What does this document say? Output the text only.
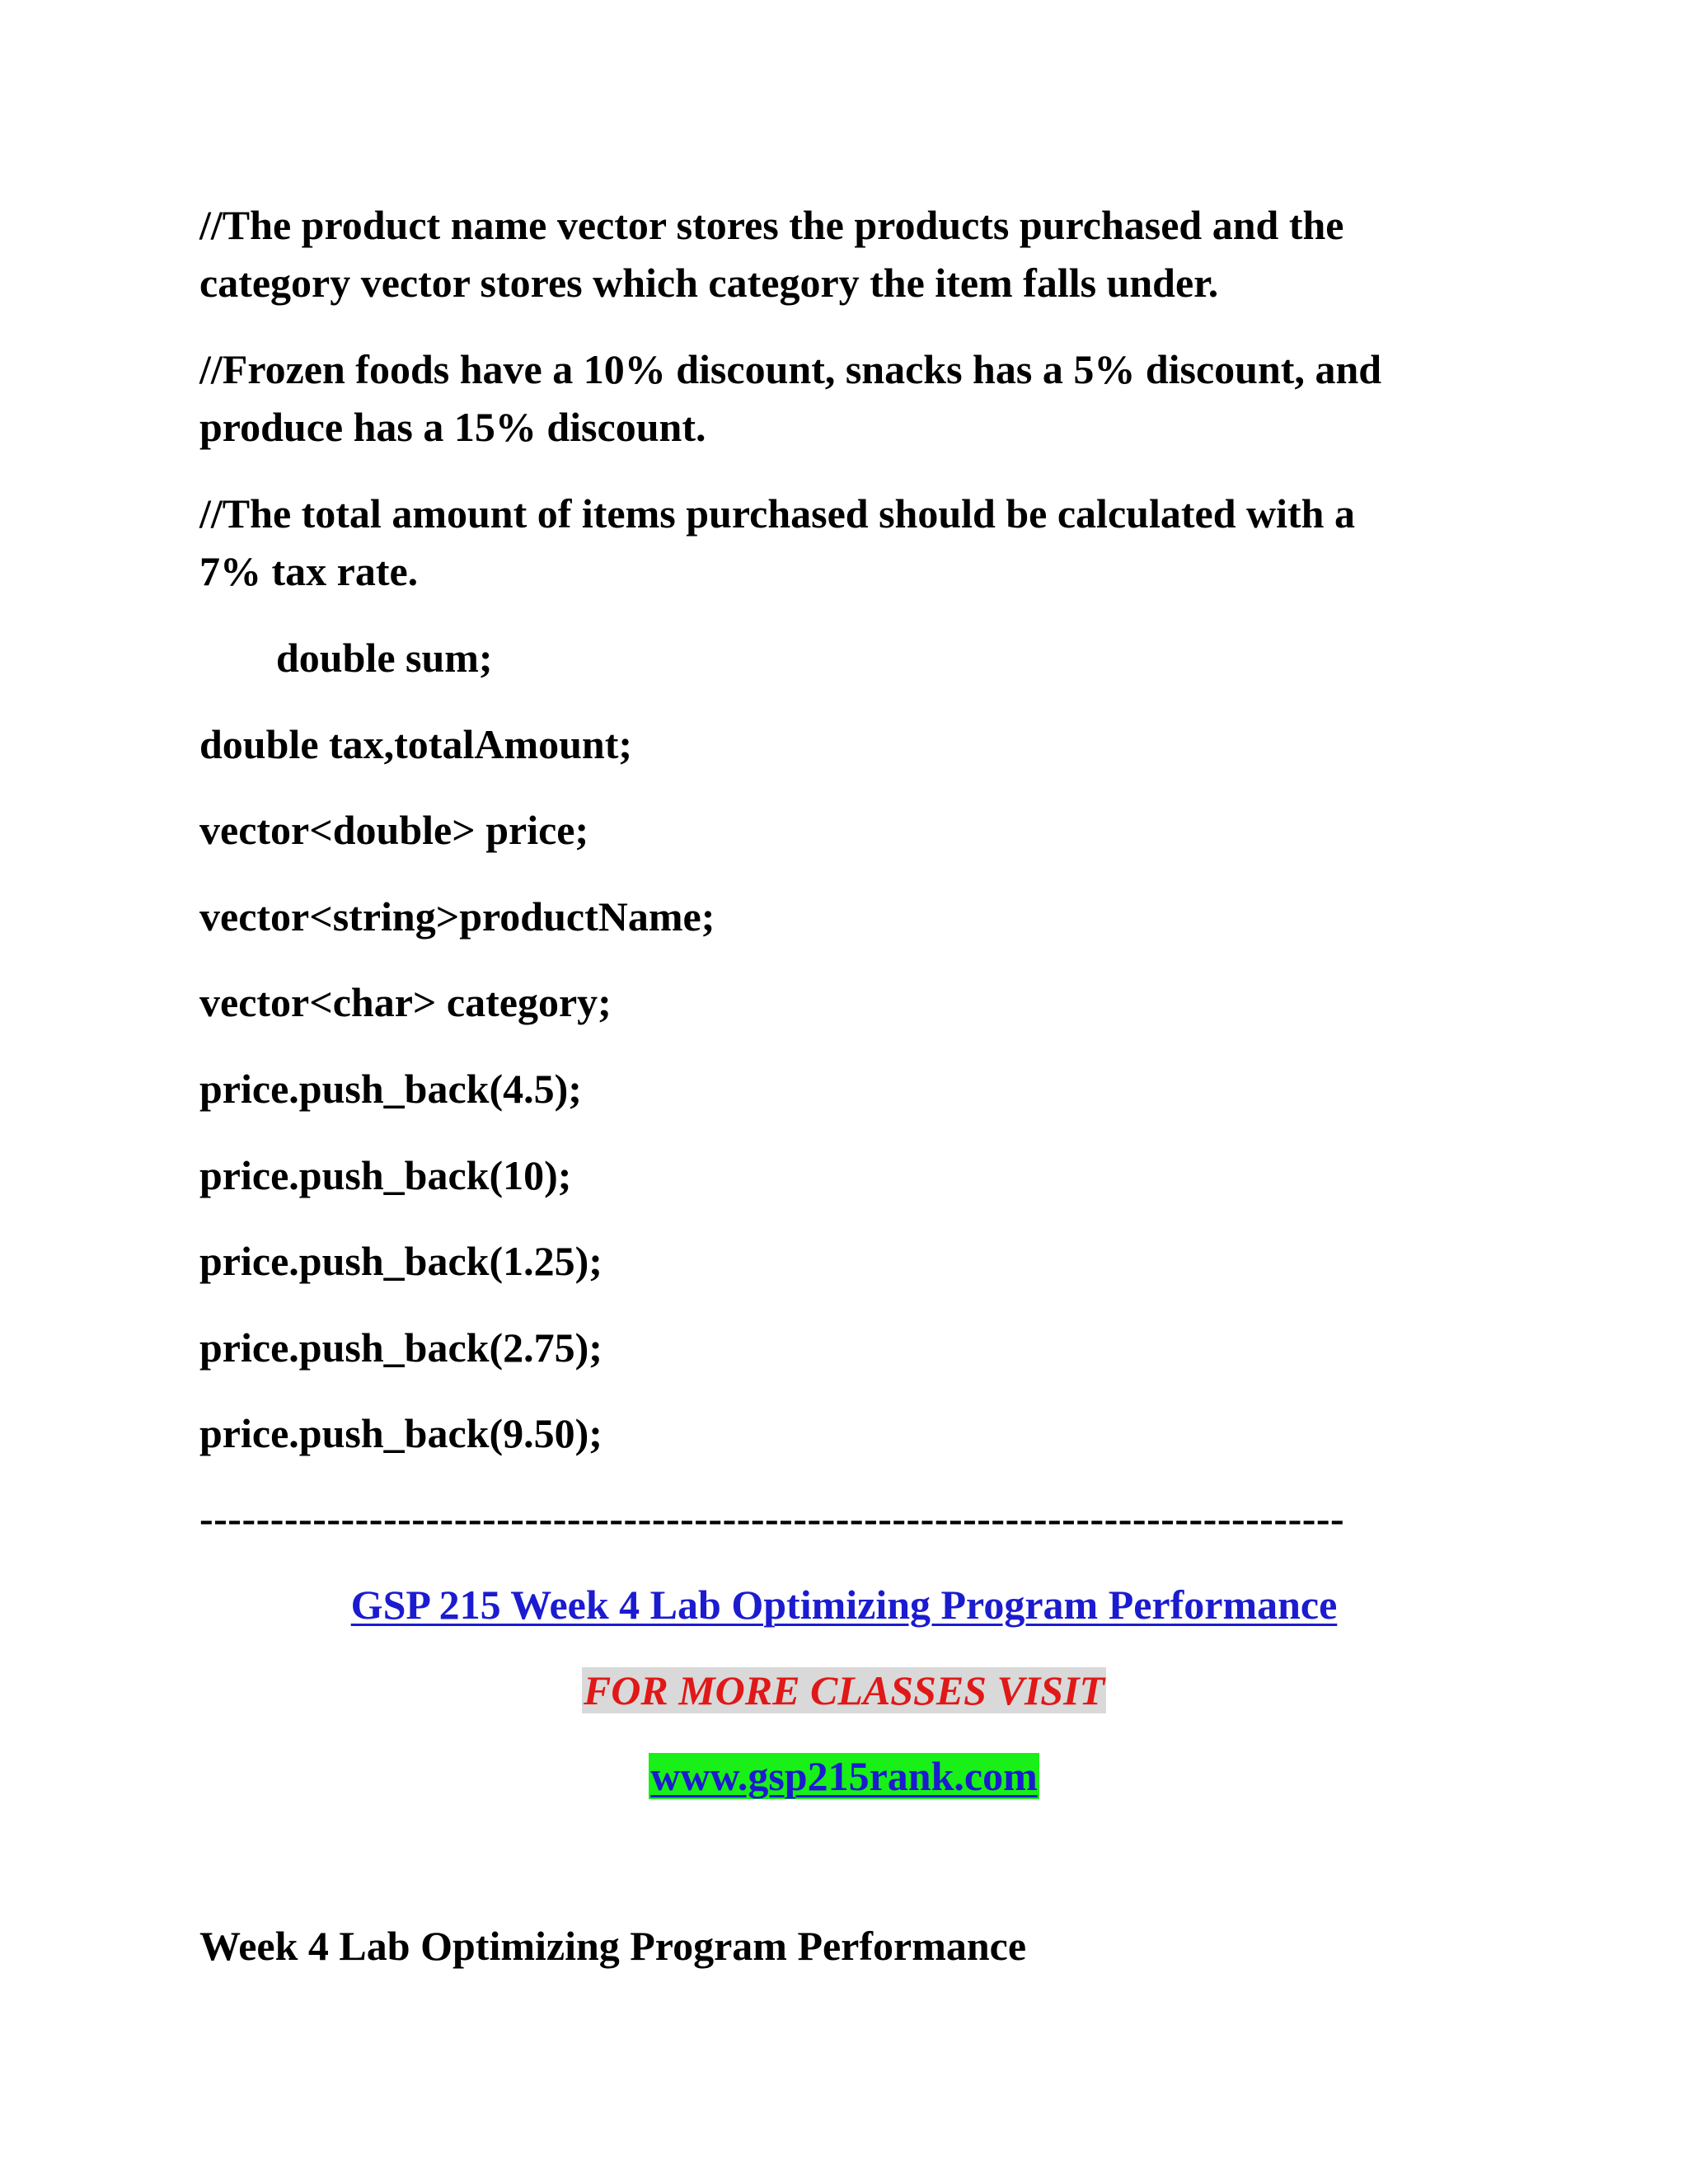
//The product name vector stores the products purchased and the
category vector stores which category the item falls under.
//Frozen foods have a 10% discount, snacks has a 5% discount, and
produce has a 15% discount.
//The total amount of items purchased should be calculated with a
7% tax rate.
double sum;
double tax,totalAmount;
vector<double> price;
vector<string>productName;
vector<char> category;
price.push_back(4.5);
price.push_back(10);
price.push_back(1.25);
price.push_back(2.75);
price.push_back(9.50);
---------------------------------------------------------------------------------
GSP 215 Week 4 Lab Optimizing Program Performance
FOR MORE CLASSES VISIT
www.gsp215rank.com
Week 4 Lab Optimizing Program Performance
